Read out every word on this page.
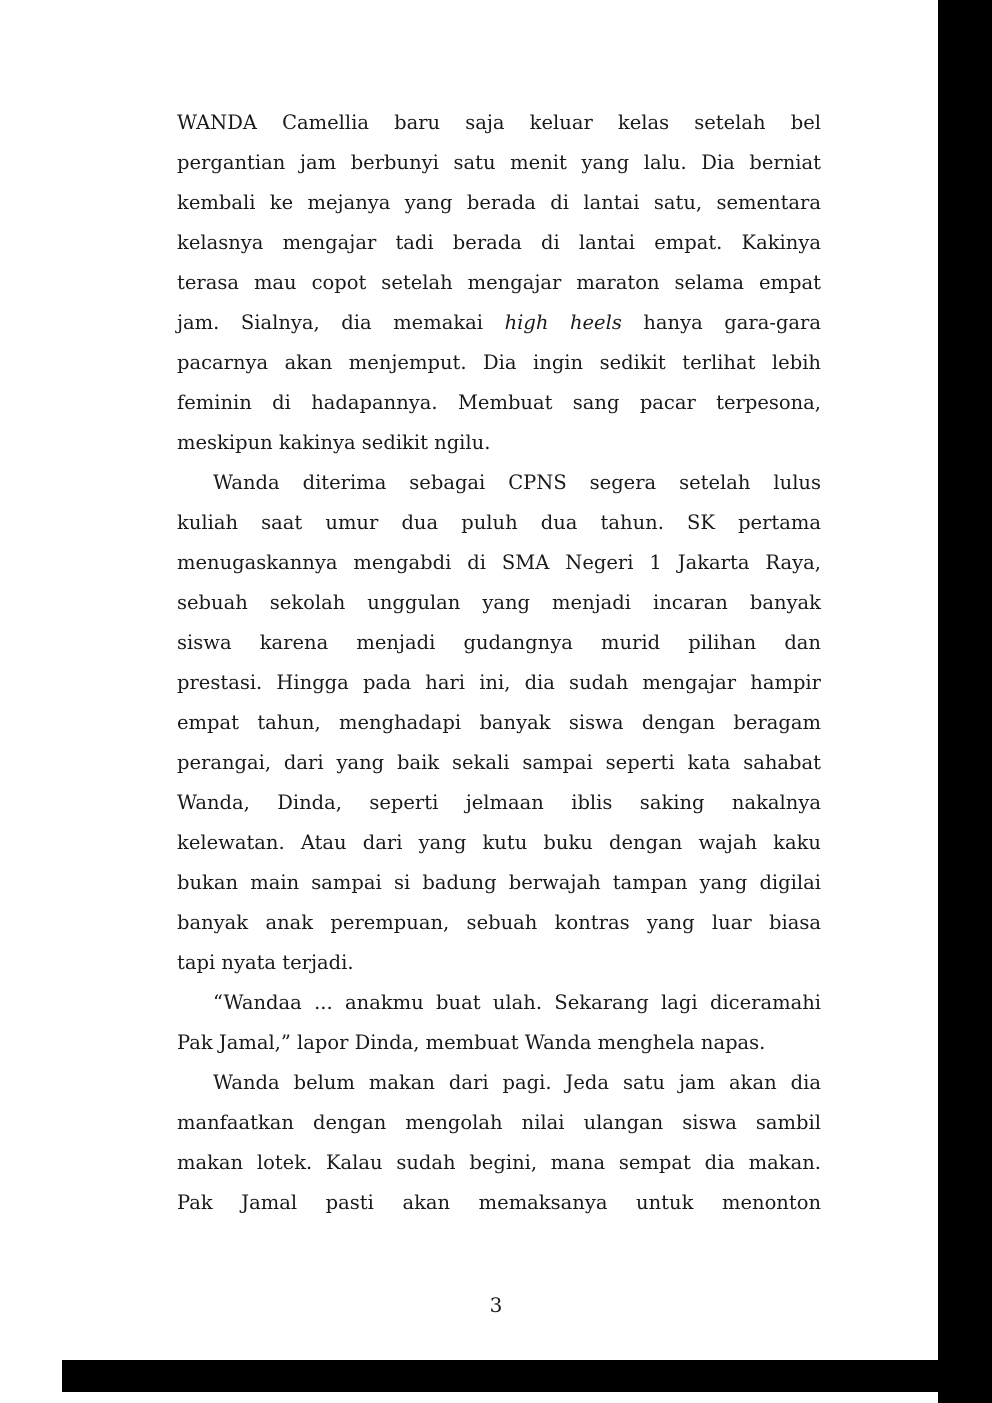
WANDA Camellia baru saja keluar kelas setelah bel
pergantian jam berbunyi satu menit yang lalu. Dia berniat
kembali ke mejanya yang berada di lantai satu, sementara
kelasnya mengajar tadi berada di lantai empat. Kakinya
terasa mau copot setelah mengajar maraton selama empat
jam. Sialnya, dia memakai high heels hanya gara-gara
pacarnya akan menjemput. Dia ingin sedikit terlihat lebih
feminin di hadapannya. Membuat sang pacar terpesona,
meskipun kakinya sedikit ngilu.

Wanda diterima sebagai CPNS segera setelah lulus
kuliah saat umur dua puluh dua tahun. SK pertama
menugaskannya mengabdi di SMA Negeri 1 Jakarta Raya,
sebuah sekolah unggulan yang menjadi incaran banyak
siswa karena menjadi gudangnya murid pilihan dan
prestasi. Hingga pada hari ini, dia sudah mengajar hampir
empat tahun, menghadapi banyak siswa dengan beragam
perangai, dari yang baik sekali sampai seperti kata sahabat
Wanda, Dinda, seperti jelmaan iblis saking nakalnya
kelewatan. Atau dari yang kutu buku dengan wajah kaku
bukan main sampai si badung berwajah tampan yang digilai
banyak anak perempuan, sebuah kontras yang luar biasa
tapi nyata terjadi.

“Wandaa ... anakmu buat ulah. Sekarang lagi diceramahi
Pak Jamal,” lapor Dinda, membuat Wanda menghela napas.

Wanda belum makan dari pagi. Jeda satu jam akan dia
manfaatkan dengan mengolah nilai ulangan siswa sambil
makan lotek. Kalau sudah begini, mana sempat dia makan.
Pak Jamal pasti akan memaksanya untuk menonton

3
